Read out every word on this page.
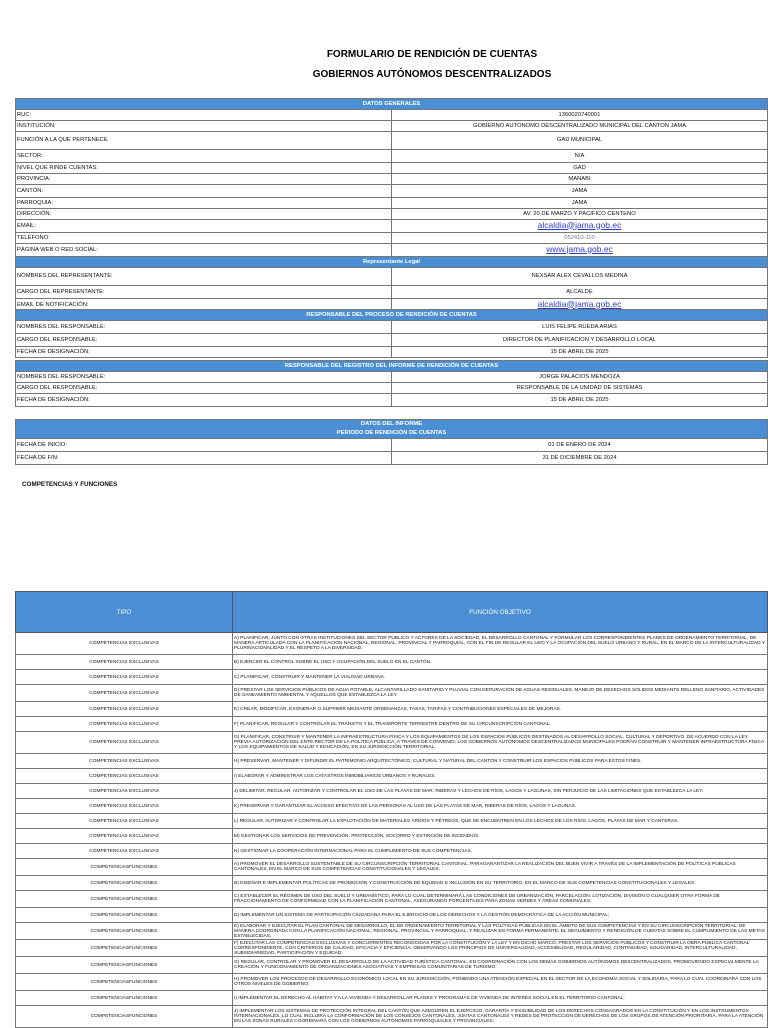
FORMULARIO DE RENDICIÓN DE CUENTAS
GOBIERNOS AUTÓNOMOS DESCENTRALIZADOS
DATOS GENERALES	
RUC:	1360020740001
INSTITUCIÓN:	GOBIERNO AUTONOMO DESCENTRALIZADO MUNICIPAL DEL CANTON JAMA
FUNCIÓN A LA QUE PERTENECE	GAD MUNICIPAL
SECTOR:	N/A
NIVEL QUE RINDE CUENTAS:	GAD
PROVINCIA:	MANABI
CANTÓN:	JAMA
PARROQUIA:	JAMA
DIRECCIÓN:	AV. 20 DE MARZO Y PACIFICO CENTENO
EMAIL:	alcaldia@jama.gob.ec
TELÉFONO:	052410-110
PÁGINA WEB O RED SOCIAL:	www.jama.gob.ec
Representante Legal	
NOMBRES DEL REPRESENTANTE:	NEXSAR ALEX CEVALLOS MEDINA
CARGO DEL REPRESENTANTE:	ALCALDE
EMAIL DE NOTIFICACIÓN:	alcaldia@jama.gob.ec
RESPONSABLE DEL PROCESO DE RENDICIÓN DE CUENTAS	
NOMBRES DEL RESPONSABLE:	LUIS FELIPE RUEDA ARIAS
CARGO DEL RESPONSABLE:	DIRECTOR DE PLANIFICACION Y DESARROLLO LOCAL
FECHA DE DESIGNACIÓN:	15 DE ABRIL DE 2025
RESPONSABLE DEL REGISTRO DEL INFORME DE RENDICIÓN DE CUENTAS	
NOMBRES DEL RESPONSABLE:	JORGE PALACIOS MENDOZA
CARGO DEL RESPONSABLE:	RESPONSABLE DE LA UNIDAD DE SISTEMAS
FECHA DE DESIGNACIÓN:	15 DE ABRIL DE 2025
DATOS DEL INFORME
PERIODO DE RENDICIÓN DE CUENTAS	

FECHA DE INICIO:	01 DE ENERO DE 2024
FECHA DE FIN:	31 DE DICIEMBRE DE 2024
COMPETENCIAS Y FUNCIONES
TIPO	FUNCIÓN OBJETIVO
COMPETENCIAS EXCLUSIVAS	A) PLANIFICAR, JUNTO CON OTRAS INSTITUCIONES DEL SECTOR PÚBLICO Y ACTORES DE LA SOCIEDAD, EL DESARROLLO CANTONAL Y FORMULAR LOS CORRESPONDIENTES PLANES DE ORDENAMIENTO TERRITORIAL, DE MANERA ARTICULADA CON LA PLANIFICACIÓN NACIONAL, REGIONAL, PROVINCIAL Y PARROQUIAL, CON EL FIN DE REGULAR EL USO Y LA OCUPACIÓN DEL SUELO URBANO Y RURAL, EN EL MARCO DE LA INTERCULTURALIDAD Y PLURINACIONALIDAD Y EL RESPETO A LA DIVERSIDAD.
COMPETENCIAS EXCLUSIVAS	B) EJERCER EL CONTROL SOBRE EL USO Y OCUPACIÓN DEL SUELO EN EL CANTÓN.
COMPETENCIAS EXCLUSIVAS	C) PLANIFICAR, CONSTRUIR Y MANTENER LA VIALIDAD URBANA.
COMPETENCIAS EXCLUSIVAS	D) PRESTAR LOS SERVICIOS PÚBLICOS DE AGUA POTABLE, ALCANTARILLADO SANITARIO Y PLUVIAL CON DEPURACIÓN DE AGUAS RESIDUALES, MANEJO DE DESECHOS SÓLIDOS MEDIANTE RELLENO SANITARIO, ACTIVIDADES DE SANEAMIENTO AMBIENTAL Y AQUELLOS QUE ESTABLEZCA LA LEY.
COMPETENCIAS EXCLUSIVAS	E) CREAR, MODIFICAR, EXONERAR O SUPRIMIR MEDIANTE ORDENANZAS, TASAS, TARIFAS Y CONTRIBUCIONES ESPECIALES DE MEJORAS.
COMPETENCIAS EXCLUSIVAS	F) PLANIFICAR, REGULAR Y CONTROLAR EL TRÁNSITO Y EL TRANSPORTE TERRESTRE DENTRO DE SU CIRCUNSCRIPCIÓN CANTONAL.
COMPETENCIAS EXCLUSIVAS	G) PLANIFICAR, CONSTRUIR Y MANTENER LA INFRAESTRUCTURA FÍSICA Y LOS EQUIPAMIENTOS DE LOS ESPACIOS PÚBLICOS DESTINADOS AL DESARROLLO SOCIAL, CULTURAL Y DEPORTIVO, DE ACUERDO CON LA LEY. PREVIA AUTORIZACIÓN DEL ENTE RECTOR DE LA POLÍTICA PÚBLICA, A TRAVÉS DE CONVENIO, LOS GOBIERNOS AUTÓNOMOS DESCENTRALIZADOS MUNICIPALES PODRÁN CONSTRUIR Y MANTENER INFRAESTRUCTURA FÍSICA Y LOS EQUIPAMIENTOS DE SALUD Y EDUCACIÓN, EN SU JURISDICCIÓN TERRITORIAL.
COMPETENCIAS EXCLUSIVAS	H) PRESERVAR, MANTENER Y DIFUNDIR EL PATRIMONIO ARQUITECTÓNICO, CULTURAL Y NATURAL DEL CANTÓN Y CONSTRUIR LOS ESPACIOS PÚBLICOS PARA ESTOS FINES.
COMPETENCIAS EXCLUSIVAS	I) ELABORAR Y ADMINISTRAR LOS CATASTROS INMOBILIARIOS URBANOS Y RURALES.
COMPETENCIAS EXCLUSIVAS	J) DELIMITAR, REGULAR, AUTORIZAR Y CONTROLAR EL USO DE LAS PLAYAS DE MAR, RIBERAS Y LECHOS DE RÍOS, LAGOS Y LAGUNAS, SIN PERJUICIO DE LAS LIMITACIONES QUE ESTABLEZCA LA LEY.
COMPETENCIAS EXCLUSIVAS	K) PRESERVAR Y GARANTIZAR EL ACCESO EFECTIVO DE LAS PERSONAS AL USO DE LAS PLAYAS DE MAR, RIBERAS DE RÍOS, LAGOS Y LAGUNAS.
COMPETENCIAS EXCLUSIVAS	L) REGULAR, AUTORIZAR Y CONTROLAR LA EXPLOTACIÓN DE MATERIALES ÁRIDOS Y PÉTREOS, QUE SE ENCUENTREN EN LOS LECHOS DE LOS RÍOS, LAGOS, PLAYAS DE MAR Y CANTERAS.
COMPETENCIAS EXCLUSIVAS	M) GESTIONAR LOS SERVICIOS DE PREVENCIÓN, PROTECCIÓN, SOCORRO Y EXTINCIÓN DE INCENDIOS.
COMPETENCIAS EXCLUSIVAS	N) GESTIONAR LA COOPERACIÓN INTERNACIONAL PARA EL CUMPLIMIENTO DE SUS COMPETENCIAS.
COMPETENCIASFUNCIONES	A) PROMOVER EL DESARROLLO SUSTENTABLE DE SU CIRCUNSCRIPCIÓN TERRITORIAL CANTONAL, PARAGARANTIZAR LA REALIZACIÓN DEL BUEN VIVIR A TRAVÉS DE LA IMPLEMENTACIÓN DE POLÍTICAS PÚBLICAS CANTONALES, EN EL MARCO DE SUS COMPETENCIAS CONSTITUCIONALES Y LEGALES;
COMPETENCIASFUNCIONES	B) DISEÑAR E IMPLEMENTAR POLÍTICAS DE PROMOCIÓN Y CONSTRUCCIÓN DE EQUIDAD E INCLUSIÓN EN SU TERRITORIO, EN EL MARCO DE SUS COMPETENCIAS CONSTITUCIONALES Y LEGALES.
COMPETENCIASFUNCIONES	C) ESTABLECER EL RÉGIMEN DE USO DEL SUELO Y URBANÍSTICO, PARA LO CUAL DETERMINARÁ LAS CONDICIONES DE URBANIZACIÓN, PARCELACIÓN, LOTIZACIÓN, DIVISIÓN O CUALQUIER OTRA FORMA DE FRACCIONAMIENTO DE CONFORMIDAD CON LA PLANIFICACIÓN CANTONAL, ASEGURANDO PORCENTAJES PARA ZONAS VERDES Y ÁREAS COMUNALES;
COMPETENCIASFUNCIONES	D) IMPLEMENTAR UN SISTEMA DE PARTICIPACIÓN CIUDADANA PARA EL EJERCICIO DE LOS DERECHOS Y LA GESTIÓN DEMOCRÁTICA DE LA ACCIÓN MUNICIPAL;
COMPETENCIASFUNCIONES	E) ELABORAR Y EJECUTAR EL PLAN CANTONAL DE DESARROLLO, EL DE ORDENAMIENTO TERRITORIAL Y LAS POLÍTICAS PÚBLICAS EN EL ÁMBITO DE SUS COMPETENCIAS Y EN SU CIRCUNSCRIPCIÓN TERRITORIAL, DE MANERA COORDINADA CON LA PLANIFICACIÓN NACIONAL, REGIONAL, PROVINCIAL Y PARROQUIAL, Y REALIZAR EN FORMA PERMANENTE, EL SEGUIMIENTO Y RENDICIÓN DE CUENTAS SOBRE EL CUMPLIMIENTO DE LAS METAS ESTABLECIDAS;
COMPETENCIASFUNCIONES	F) EJECUTAR LAS COMPETENCIAS EXCLUSIVAS Y CONCURRENTES RECONOCIDAS POR LA CONSTITUCIÓN Y LA LEY Y EN DICHO MARCO, PRESTAR LOS SERVICIOS PÚBLICOS Y CONSTRUIR LA OBRA PÚBLICA CANTONAL CORRESPONDIENTE, CON CRITERIOS DE CALIDAD, EFICACIA Y EFICIENCIA, OBSERVANDO LOS PRINCIPIOS DE UNIVERSALIDAD, ACCESIBILIDAD, REGULARIDAD, CONTINUIDAD, SOLIDARIDAD, INTERCULTURALIDAD, SUBSIDIARIEDAD, PARTICIPACIÓN Y EQUIDAD;
COMPETENCIASFUNCIONES	G) REGULAR, CONTROLAR Y PROMOVER EL DESARROLLO DE LA ACTIVIDAD TURÍSTICA CANTONAL, EN COORDINACIÓN CON LOS DEMÁS GOBIERNOS AUTÓNOMOS DESCENTRALIZADOS, PROMOVIENDO ESPECIALMENTE LA CREACIÓN Y FUNCIONAMIENTO DE ORGANIZACIONES ASOCIATIVAS Y EMPRESAS COMUNITARIAS DE TURISMO;
COMPETENCIASFUNCIONES	H) PROMOVER LOS PROCESOS DE DESARROLLO ECONÓMICO LOCAL EN SU JURISDICCIÓN, PONIENDO UNA ATENCIÓN ESPECIAL EN EL SECTOR DE LA ECONOMÍA SOCIAL Y SOLIDARIA, PARA LO CUAL COORDINARÁ CON LOS OTROS NIVELES DE GOBIERNO;
COMPETENCIASFUNCIONES	I) IMPLEMENTAR EL DERECHO AL HÁBITAT Y A LA VIVIENDA Y DESARROLLAR PLANES Y PROGRAMAS DE VIVIENDA DE INTERÉS SOCIAL EN EL TERRITORIO CANTONAL;
COMPETENCIASFUNCIONES	J) IMPLEMENTAR LOS SISTEMAS DE PROTECCIÓN INTEGRAL DEL CANTÓN QUE ASEGUREN EL EJERCICIO, GARANTÍA Y EXIGIBILIDAD DE LOS DERECHOS CONSAGRADOS EN LA CONSTITUCIÓN Y EN LOS INSTRUMENTOS INTERNACIONALES, LO CUAL INCLUIRÁ LA CONFORMACIÓN DE LOS CONSEJOS CANTONALES, JUNTAS CANTONALES Y REDES DE PROTECCIÓN DE DERECHOS DE LOS GRUPOS DE ATENCIÓN PRIORITARIA. PARA LA ATENCIÓN EN LAS ZONAS RURALES COORDINARÁ CON LOS GOBIERNOS AUTÓNOMOS PARROQUIALES Y PROVINCIALES;
